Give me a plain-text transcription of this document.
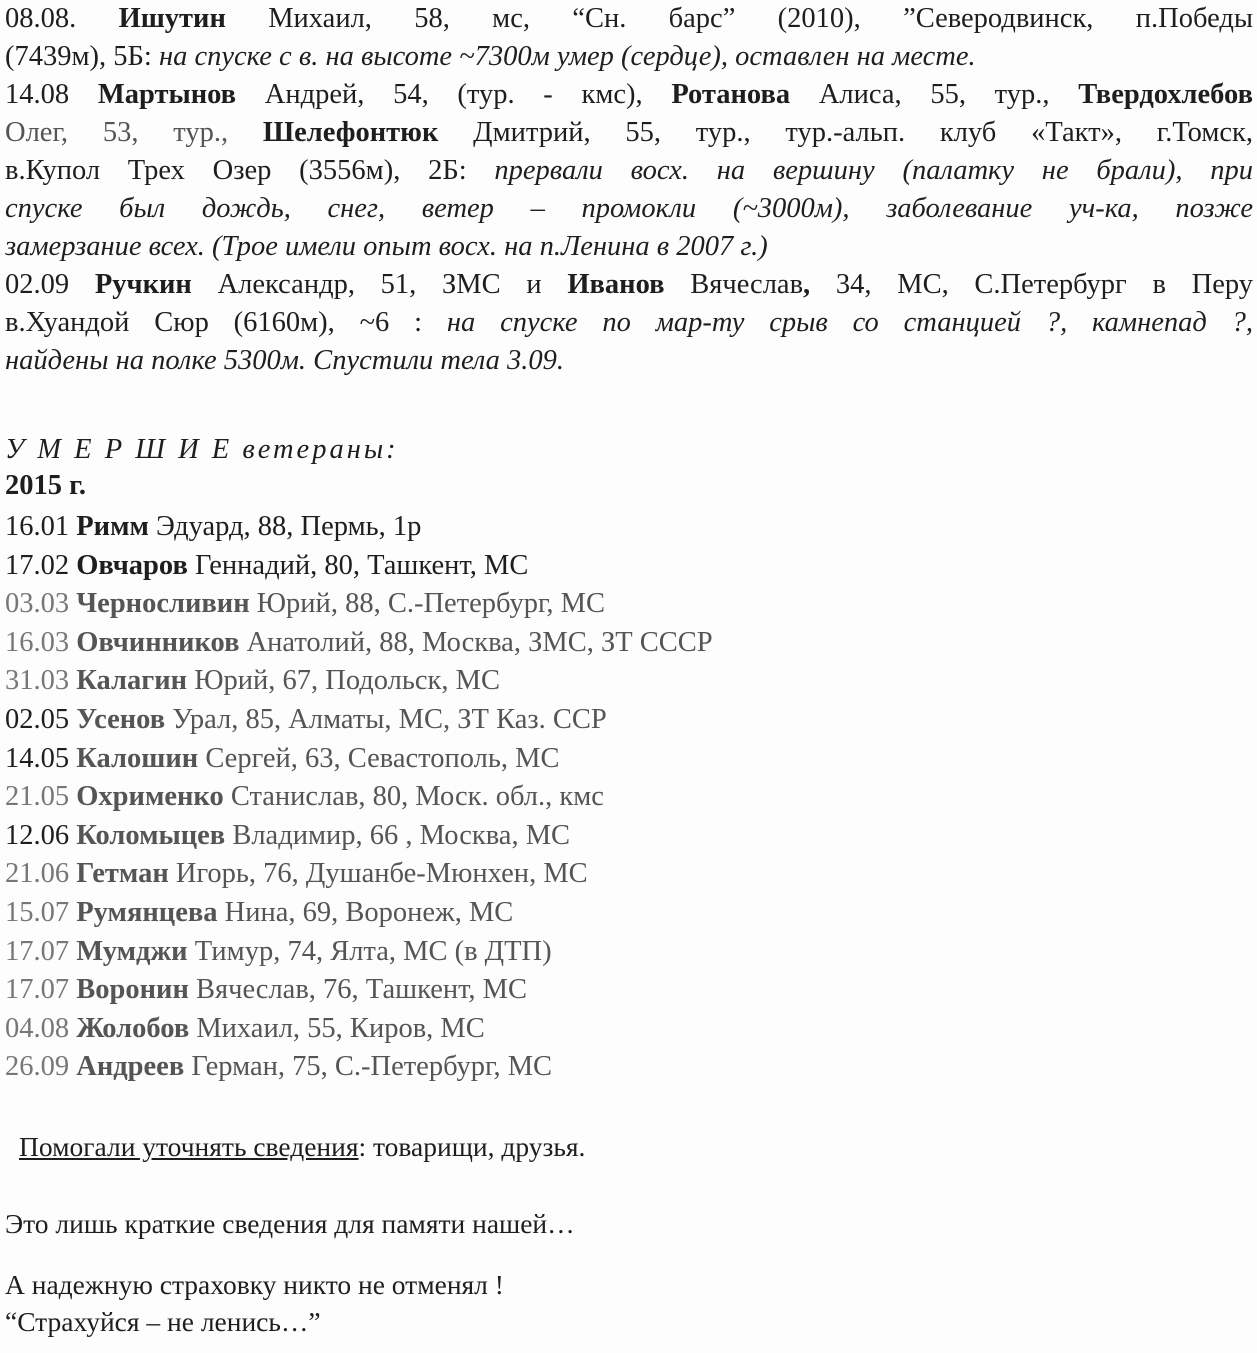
08.08. Ишутин Михаил, 58, мс, “Сн. барс” (2010), ”Северодвинск, п.Победы
(7439м), 5Б: на спуске с в. на высоте ~7300м умер (сердце), оставлен на месте.
14.08 Мартынов Андрей, 54, (тур. - кмс), Ротанова Алиса, 55, тур., Твердохлебов
Олег, 53, тур., Шелефонтюк Дмитрий, 55, тур., тур.-альп. клуб «Такт», г.Томск,
в.Купол Трех Озер (3556м), 2Б: прервали восх. на вершину (палатку не брали), при
спуске был дождь, снег, ветер – промокли (~3000м), заболевание уч-ка, позже
замерзание всех. (Трое имели опыт восх. на п.Ленина в 2007 г.)
02.09 Ручкин Александр, 51, ЗМС и Иванов Вячеслав, 34, МС, С.Петербург в Перу
в.Хуандой Сюр (6160м), ~6 : на спуске по мар-ту срыв со станцией ?, камнепад ?,
найдены на полке 5300м. Спустили тела 3.09.
У М Е Р Ш И Е ветераны:
2015 г.
16.01 Римм Эдуард, 88, Пермь, 1р
17.02 Овчаров Геннадий, 80, Ташкент, МС
03.03 Черносливин Юрий, 88, С.-Петербург, МС
16.03 Овчинников Анатолий, 88, Москва, ЗМС, ЗТ СССР
31.03 Калагин Юрий, 67, Подольск, МС
02.05 Усенов Урал, 85, Алматы, МС, ЗТ Каз. ССР
14.05 Калошин Сергей, 63, Севастополь, МС
21.05 Охрименко Станислав, 80, Моск. обл., кмс
12.06 Коломыцев Владимир, 66 , Москва, МС
21.06 Гетман Игорь, 76, Душанбе-Мюнхен, МС
15.07 Румянцева Нина, 69, Воронеж, МС
17.07 Мумджи Тимур, 74, Ялта, МС (в ДТП)
17.07 Воронин Вячеслав, 76, Ташкент, МС
04.08 Жолобов Михаил, 55, Киров, МС
26.09 Андреев Герман, 75, С.-Петербург, МС
Помогали уточнять сведения: товарищи, друзья.
Это лишь краткие сведения для памяти нашей…
А надежную страховку никто не отменял !
“Страхуйся – не ленись…”
